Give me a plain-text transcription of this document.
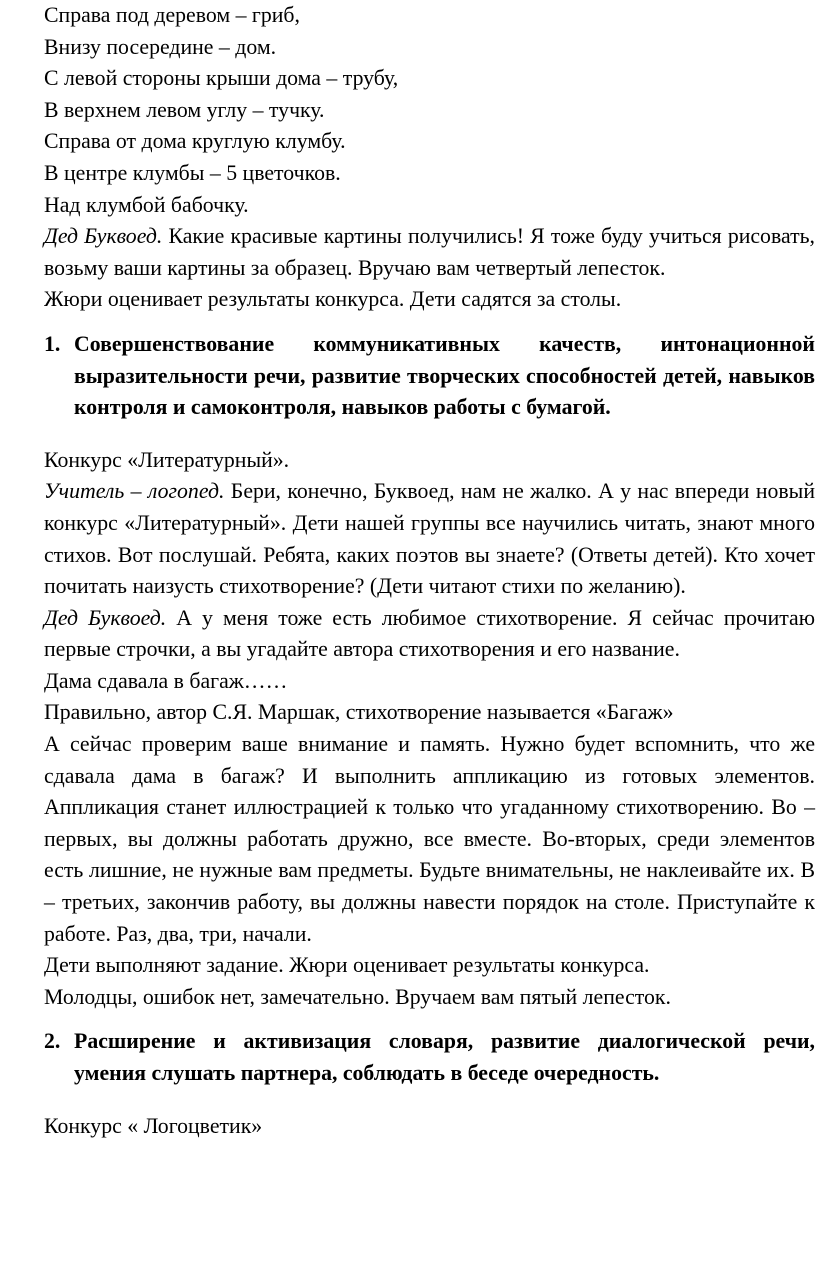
Справа под деревом – гриб,
Внизу посередине – дом.
С левой стороны крыши дома – трубу,
В верхнем левом углу – тучку.
Справа от дома круглую клумбу.
В центре клумбы – 5 цветочков.
Над клумбой бабочку.
Дед Буквоед. Какие красивые картины получились! Я тоже буду учиться рисовать, возьму ваши картины за образец. Вручаю вам четвертый лепесток.
Жюри оценивает результаты конкурса. Дети садятся за столы.
1. Совершенствование коммуникативных качеств, интонационной выразительности речи, развитие творческих способностей детей, навыков контроля и самоконтроля, навыков работы с бумагой.
Конкурс «Литературный».
Учитель – логопед. Бери, конечно, Буквоед, нам не жалко. А у нас впереди новый конкурс «Литературный». Дети нашей группы все научились читать, знают много стихов. Вот послушай. Ребята, каких поэтов вы знаете? (Ответы детей). Кто хочет почитать наизусть стихотворение? (Дети читают стихи по желанию).
Дед Буквоед. А у меня тоже есть любимое стихотворение. Я сейчас прочитаю первые строчки, а вы угадайте автора стихотворения и его название.
Дама сдавала в багаж……
Правильно, автор С.Я. Маршак, стихотворение называется «Багаж»
А сейчас проверим ваше внимание и память. Нужно будет вспомнить, что же сдавала дама в багаж? И выполнить аппликацию из готовых элементов. Аппликация станет иллюстрацией к только что угаданному стихотворению. Во – первых, вы должны работать дружно, все вместе. Во-вторых, среди элементов есть лишние, не нужные вам предметы. Будьте внимательны, не наклеивайте их. В – третьих, закончив работу, вы должны навести порядок на столе. Приступайте к работе. Раз, два, три, начали.
Дети выполняют задание. Жюри оценивает результаты конкурса.
Молодцы, ошибок нет, замечательно. Вручаем вам пятый лепесток.
2. Расширение и активизация словаря, развитие диалогической речи, умения слушать партнера, соблюдать в беседе очередность.
Конкурс « Логоцветик»
